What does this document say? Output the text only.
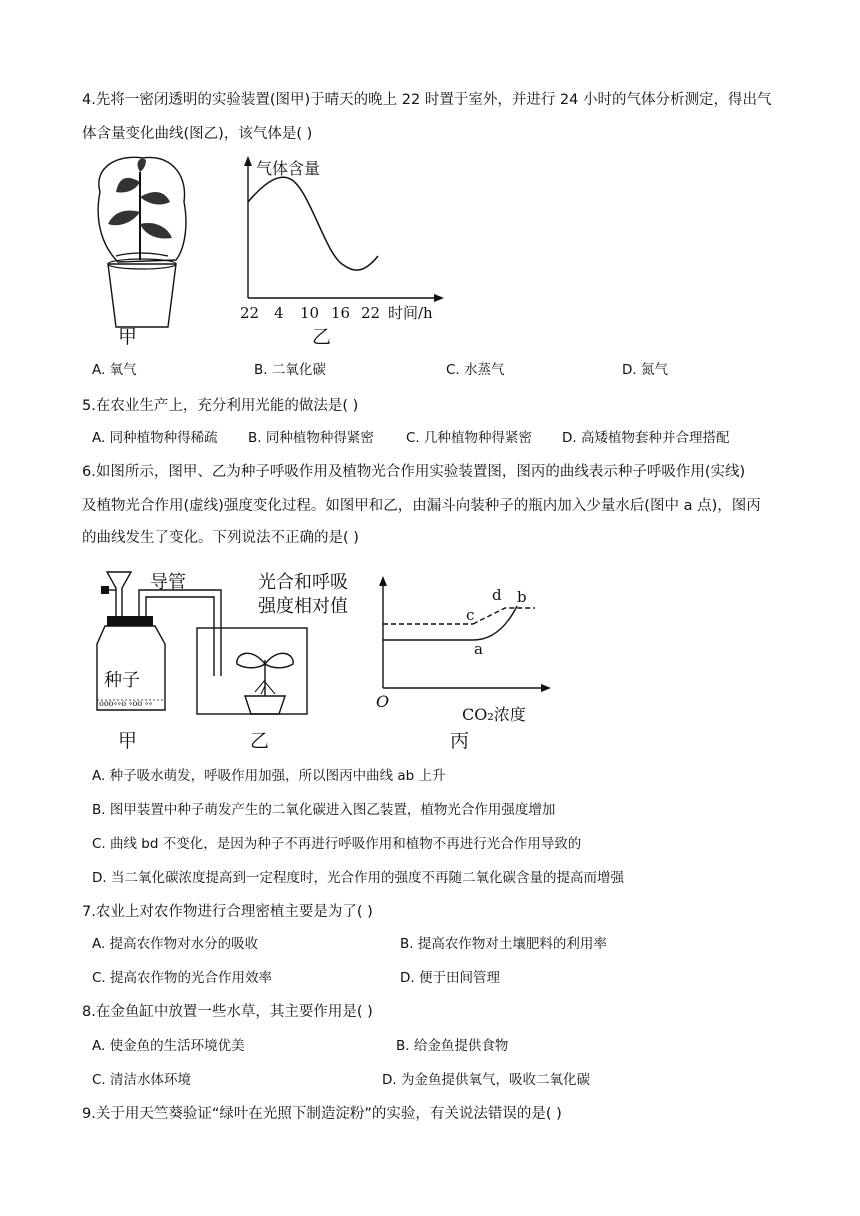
4.先将一密闭透明的实验装置(图甲)于晴天的晚上 22 时置于室外，并进行 24 小时的气体分析测定，得出气
体含量变化曲线(图乙)，该气体是( )
甲
气体含量
22 4 10 16 22 时间/h
乙
A. 氧气	B. 二氧化碳	C. 水蒸气	D. 氮气
5.在农业生产上，充分利用光能的做法是( )
A. 同种植物种得稀疏 B. 同种植物种得紧密 C. 几种植物种得紧密 D. 高矮植物套种并合理搭配
6.如图所示，图甲、乙为种子呼吸作用及植物光合作用实验装置图，图丙的曲线表示种子呼吸作用(实线)
及植物光合作用(虚线)强度变化过程。如图甲和乙，由漏斗向装种子的瓶内加入少量水后(图中 a 点)，图丙
的曲线发生了变化。下列说法不正确的是( )
ooo∘∘o ∘oo ∘∘
导管
种子
甲	乙	丙
光合和呼吸
强度相对值
O
CO₂浓度
a
b
c
d
A. 种子吸水萌发，呼吸作用加强，所以图丙中曲线 ab 上升
B. 图甲装置中种子萌发产生的二氧化碳进入图乙装置，植物光合作用强度增加
C. 曲线 bd 不变化，是因为种子不再进行呼吸作用和植物不再进行光合作用导致的
D. 当二氧化碳浓度提高到一定程度时，光合作用的强度不再随二氧化碳含量的提高而增强
7.农业上对农作物进行合理密植主要是为了( )
A. 提高农作物对水分的吸收	B. 提高农作物对土壤肥料的利用率
C. 提高农作物的光合作用效率	D. 便于田间管理
8.在金鱼缸中放置一些水草，其主要作用是( )
A. 使金鱼的生活环境优美	B. 给金鱼提供食物
C. 清洁水体环境	D. 为金鱼提供氧气，吸收二氧化碳
9.关于用天竺葵验证“绿叶在光照下制造淀粉”的实验，有关说法错误的是( )
